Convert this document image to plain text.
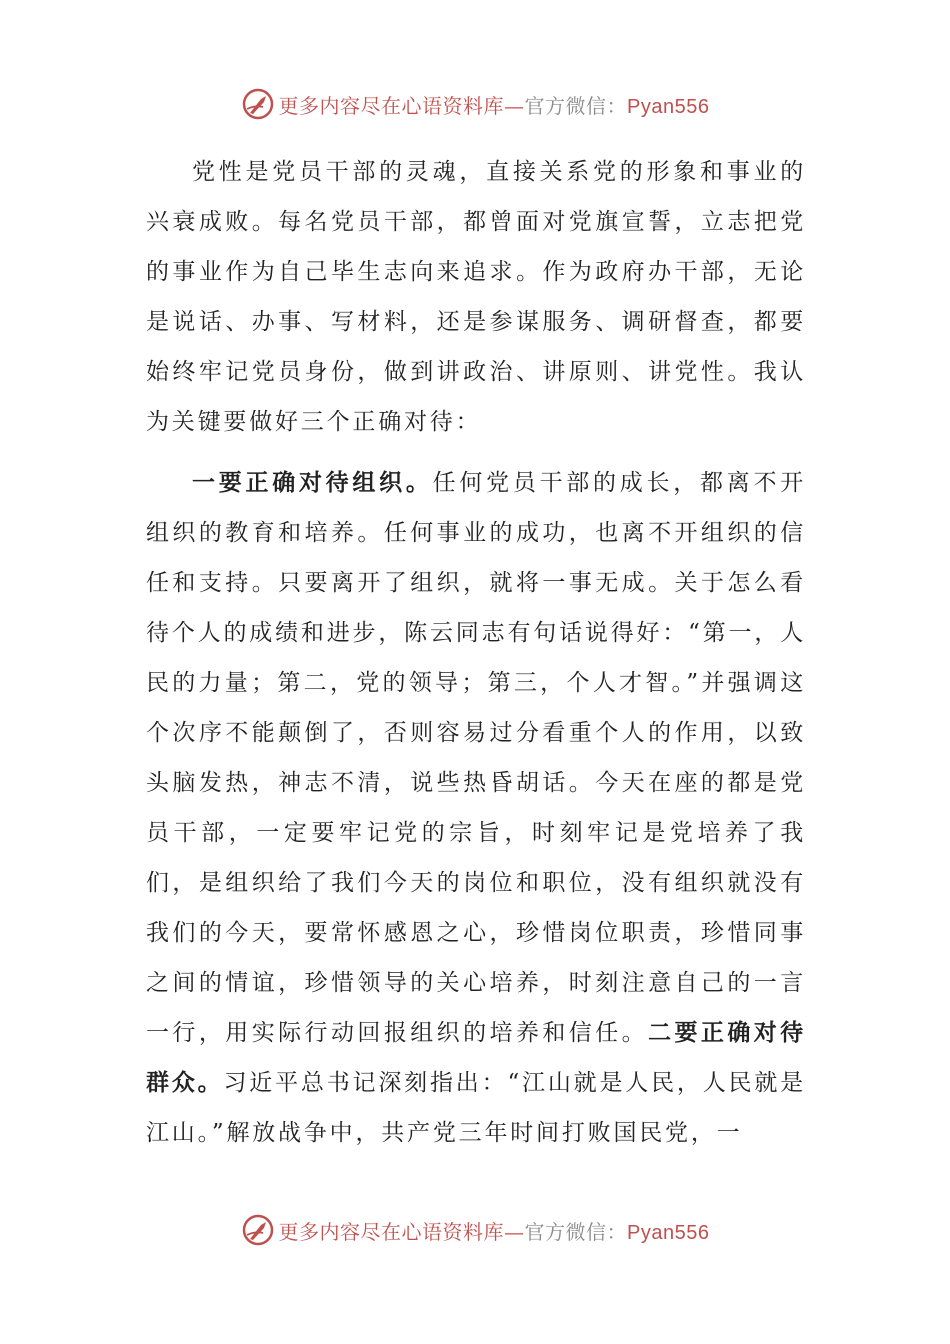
更多内容尽在心语资料库—官方微信：Pyan556

党性是党员干部的灵魂，直接关系党的形象和事业的兴衰成败。每名党员干部，都曾面对党旗宣誓，立志把党的事业作为自己毕生志向来追求。作为政府办干部，无论是说话、办事、写材料，还是参谋服务、调研督查，都要始终牢记党员身份，做到讲政治、讲原则、讲党性。我认为关键要做好三个正确对待：

一要正确对待组织。任何党员干部的成长，都离不开组织的教育和培养。任何事业的成功，也离不开组织的信任和支持。只要离开了组织，就将一事无成。关于怎么看待个人的成绩和进步，陈云同志有句话说得好：“第一，人民的力量；第二，党的领导；第三，个人才智。”并强调这个次序不能颠倒了，否则容易过分看重个人的作用，以致头脑发热，神志不清，说些热昏胡话。今天在座的都是党员干部，一定要牢记党的宗旨，时刻牢记是党培养了我们，是组织给了我们今天的岗位和职位，没有组织就没有我们的今天，要常怀感恩之心，珍惜岗位职责，珍惜同事之间的情谊，珍惜领导的关心培养，时刻注意自己的一言一行，用实际行动回报组织的培养和信任。二要正确对待群众。习近平总书记深刻指出：“江山就是人民，人民就是江山。”解放战争中，共产党三年时间打败国民党，一

更多内容尽在心语资料库—官方微信：Pyan556
